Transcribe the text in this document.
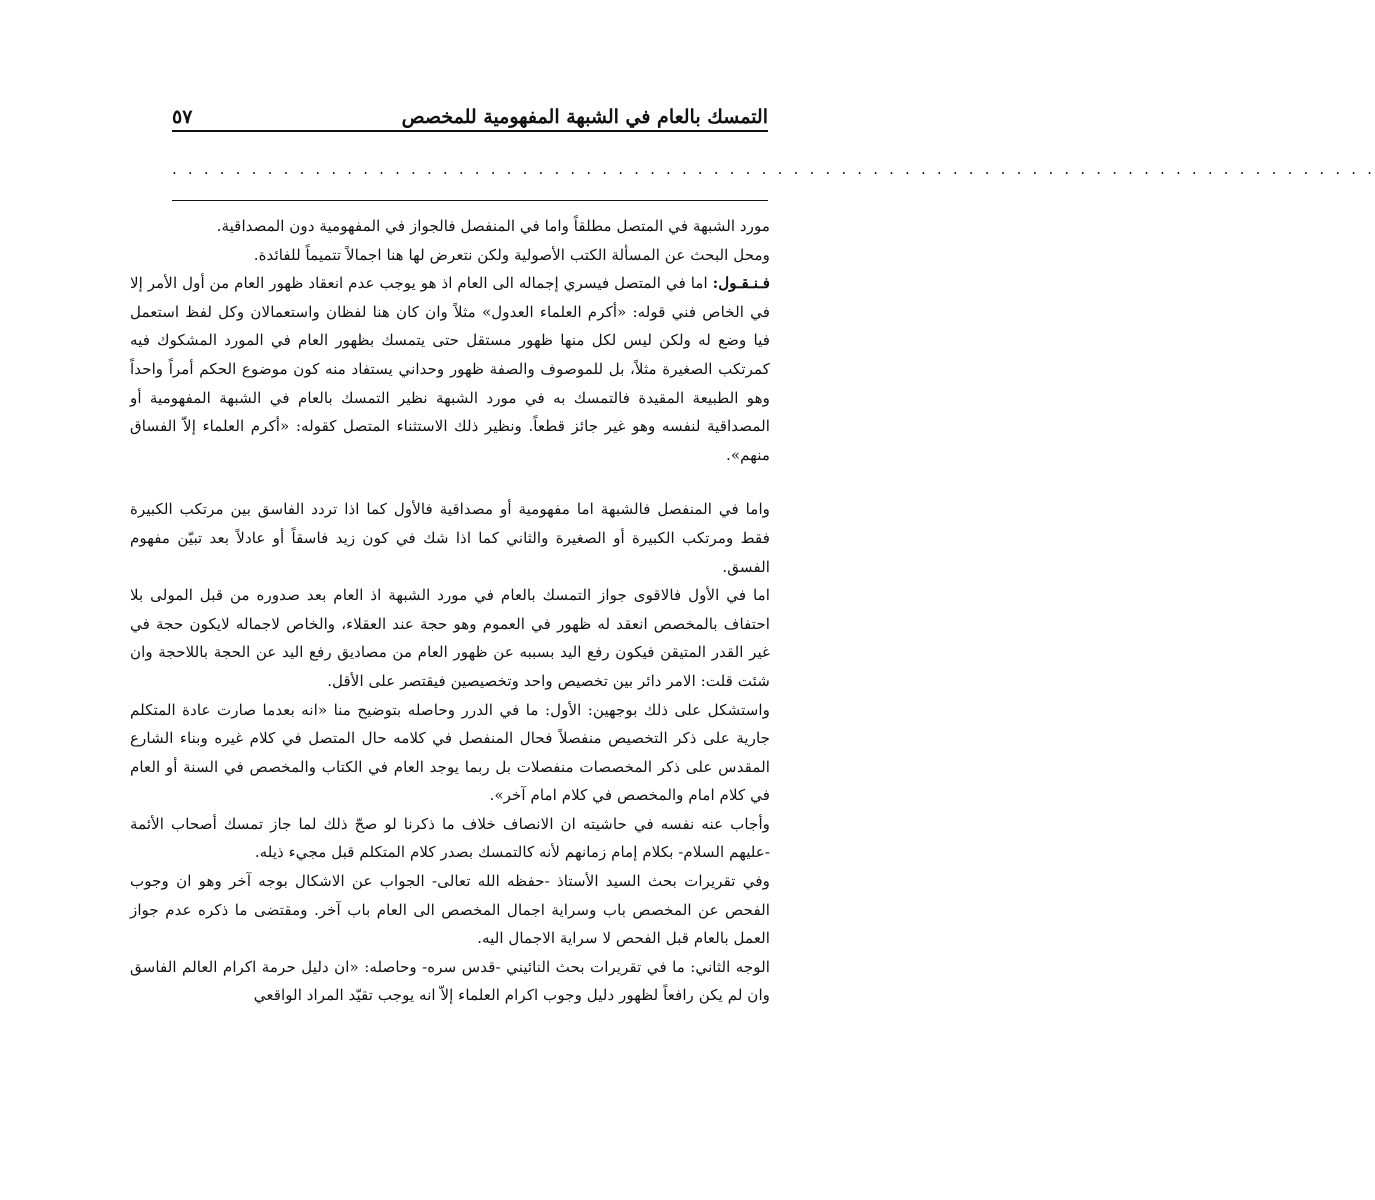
التمسك بالعام في الشبهة المفهومية للمخصص
٥٧
. . . . . . . . . . . . . . . . . . . . . . . . . . . . . . . . . . . . . . . . . . . . . . . . . . . . . . . . . . . . . . . . . . . . . . . . . . . .

مورد الشبهة في المتصل مطلقاً واما في المنفصل فالجواز في المفهومية دون المصداقية.

ومحل البحث عن المسألة الكتب الأصولية ولكن نتعرض لها هنا اجمالاً تتميماً للفائدة.

فـنـقـول: اما في المتصل فيسري إجماله الى العام اذ هو يوجب عدم انعقاد ظهور العام من أول الأمر إلا في الخاص فني قوله: «أكرم العلماء العدول» مثلاً وان كان هنا لفظان واستعمالان وكل لفظ استعمل فيا وضع له ولكن ليس لكل منها ظهور مستقل حتى يتمسك بظهور العام في المورد المشكوك فيه كمرتكب الصغيرة مثلاً، بل للموصوف والصفة ظهور وحداني يستفاد منه كون موضوع الحكم أمراً واحداً وهو الطبيعة المقيدة فالتمسك به في مورد الشبهة نظير التمسك بالعام في الشبهة المفهومية أو المصداقية لنفسه وهو غير جائز قطعاً. ونظير ذلك الاستثناء المتصل كقوله: «أكرم العلماء إلاّ الفساق منهم».

واما في المنفصل فالشبهة اما مفهومية أو مصداقية فالأول كما اذا تردد الفاسق بين مرتكب الكبيرة فقط ومرتكب الكبيرة أو الصغيرة والثاني كما اذا شك في كون زيد فاسقاً أو عادلاً بعد تبيّن مفهوم الفسق.

اما في الأول فالاقوى جواز التمسك بالعام في مورد الشبهة اذ العام بعد صدوره من قبل المولى بلا احتفاف بالمخصص انعقد له ظهور في العموم وهو حجة عند العقلاء، والخاص لاجماله لايكون حجة في غير القدر المتيقن فيكون رفع اليد بسببه عن ظهور العام من مصاديق رفع اليد عن الحجة باللاحجة وان شئت قلت: الامر دائر بين تخصيص واحد وتخصيصين فيقتصر على الأقل.

واستشكل على ذلك بوجهين: الأول: ما في الدرر وحاصله بتوضيح منا «انه بعدما صارت عادة المتكلم جارية على ذكر التخصيص منفصلاً فحال المنفصل في كلامه حال المتصل في كلام غيره وبناء الشارع المقدس على ذكر المخصصات منفصلات بل ربما يوجد العام في الكتاب والمخصص في السنة أو العام في كلام امام والمخصص في كلام امام آخر».

وأجاب عنه نفسه في حاشيته ان الانصاف خلاف ما ذكرنا لو صحّ ذلك لما جاز تمسك أصحاب الأئمة -عليهم السلام- بكلام إمام زمانهم لأنه كالتمسك بصدر كلام المتكلم قبل مجيء ذيله.

وفي تقريرات بحث السيد الأستاذ -حفظه الله تعالى- الجواب عن الاشكال بوجه آخر وهو ان وجوب الفحص عن المخصص باب وسراية اجمال المخصص الى العام باب آخر. ومقتضى ما ذكره عدم جواز العمل بالعام قبل الفحص لا سراية الاجمال اليه.

الوجه الثاني: ما في تقريرات بحث النائيني -قدس سره- وحاصله: «ان دليل حرمة اكرام العالم الفاسق وان لم يكن رافعاً لظهور دليل وجوب اكرام العلماء إلاّ انه يوجب تقيّد المراد الواقعي
